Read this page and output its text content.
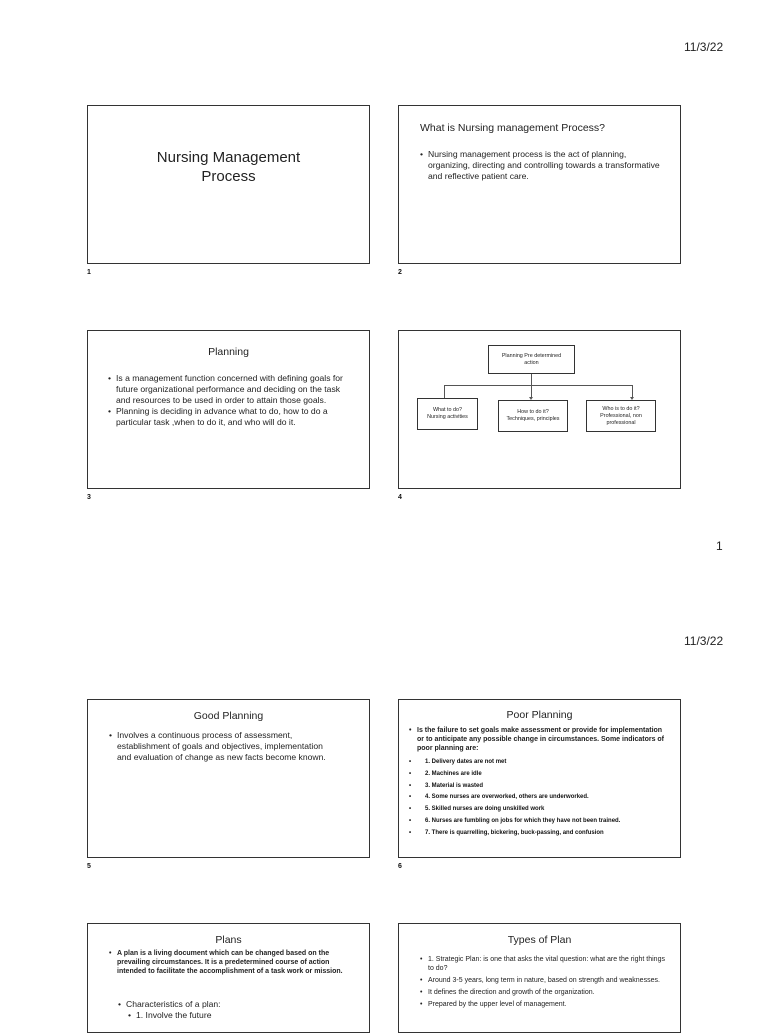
11/3/22
Nursing Management Process
1
What is Nursing management Process?
• Nursing management process is the act of planning, organizing, directing and controlling towards a transformative and reflective patient care.
2
Planning
• Is a management function concerned with defining goals for future organizational performance and deciding on the task and resources to be used in order to attain those goals.
• Planning is deciding in advance what to do, how to do a particular task ,when to do it, and who will do it.
3
Planning Pre determined
action
What to do?
Nursing activities
How to do it?
Techniques, principles
Who is to do it?
Professional, non professional
4
1
11/3/22
Good Planning
• Involves a continuous process of assessment, establishment of goals and objectives, implementation and evaluation of change as new facts become known.
5
Poor Planning
• Is the failure to set goals make assessment or provide for implementation or to anticipate any possible change in circumstances. Some indicators of poor planning are:
• 1. Delivery dates are not met
• 2. Machines are idle
• 3. Material is wasted
• 4. Some nurses are overworked, others are underworked.
• 5. Skilled nurses are doing unskilled work
• 6. Nurses are fumbling on jobs for which they have not been trained.
• 7. There is quarrelling, bickering, buck-passing, and confusion
6
Plans
• A plan is a living document which can be changed based on the prevailing circumstances. It is a predetermined course of action intended to facilitate the accomplishment of a task work or mission.
• Characteristics of a plan:
• 1. Involve the future
Types of Plan
• 1. Strategic Plan: is one that asks the vital question: what are the right things to do?
• Around 3-5 years, long term in nature, based on strength and weaknesses.
• It defines the direction and growth of the organization.
• Prepared by the upper level of management.
